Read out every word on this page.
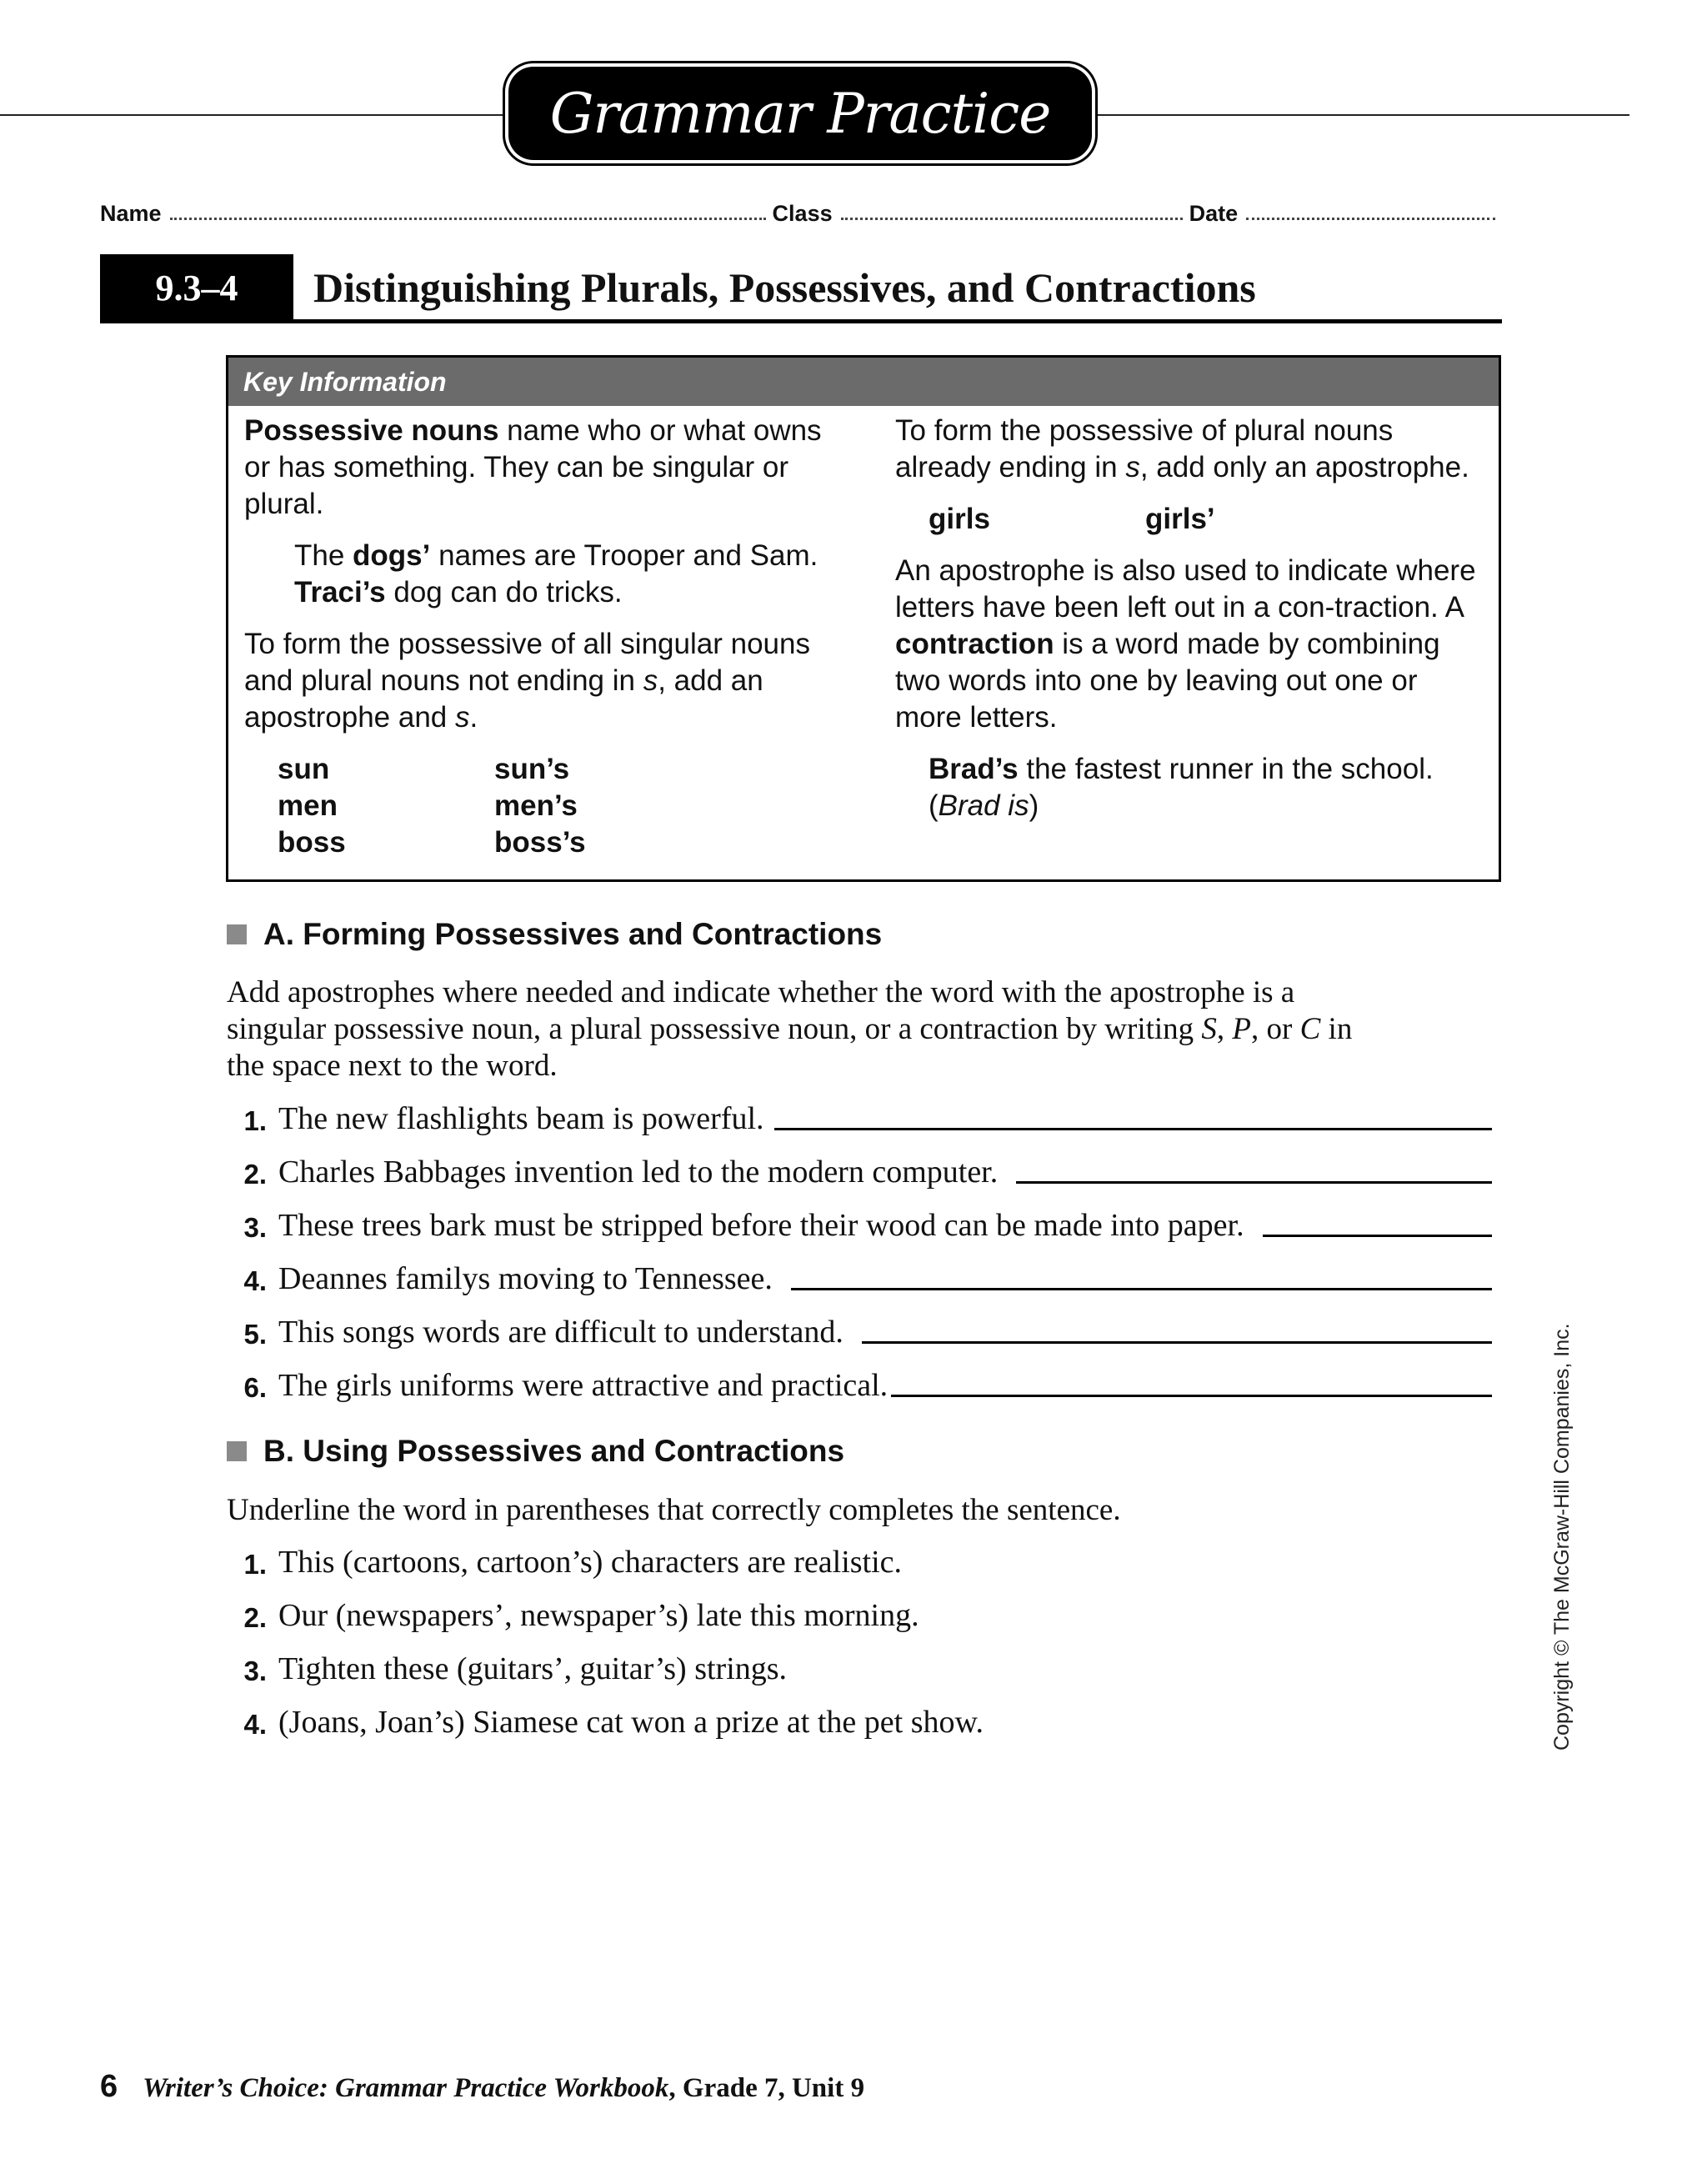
Grammar Practice
Name	Class	Date
9.3–4	Distinguishing Plurals, Possessives, and Contractions
Key Information

Possessive nouns name who or what owns or has something. They can be singular or plural.

The dogs’ names are Trooper and Sam.

Traci’s dog can do tricks.

To form the possessive of all singular nouns and plural nouns not ending in s, add an apostrophe and s.

sun	sun’s
men	men’s
boss	boss’s

To form the possessive of plural nouns already ending in s, add only an apostrophe.

girls	girls’

An apostrophe is also used to indicate where letters have been left out in a con-traction. A contraction is a word made by combining two words into one by leaving out one or more letters.

Brad’s the fastest runner in the school.

(Brad is)

A. Forming Possessives and Contractions
Add apostrophes where needed and indicate whether the word with the apostrophe is a singular possessive noun, a plural possessive noun, or a contraction by writing S, P, or C in the space next to the word.
1. The new flashlights beam is powerful.
2. Charles Babbages invention led to the modern computer.
3. These trees bark must be stripped before their wood can be made into paper.
4. Deannes familys moving to Tennessee.
5. This songs words are difficult to understand.
6. The girls uniforms were attractive and practical.
B. Using Possessives and Contractions
Underline the word in parentheses that correctly completes the sentence.
1. This (cartoons, cartoon’s) characters are realistic.
2. Our (newspapers’, newspaper’s) late this morning.
3. Tighten these (guitars’, guitar’s) strings.
4. (Joans, Joan’s) Siamese cat won a prize at the pet show.	Copyright © The McGraw-Hill Companies, Inc.
6 Writer’s Choice: Grammar Practice Workbook, Grade 7, Unit 9
